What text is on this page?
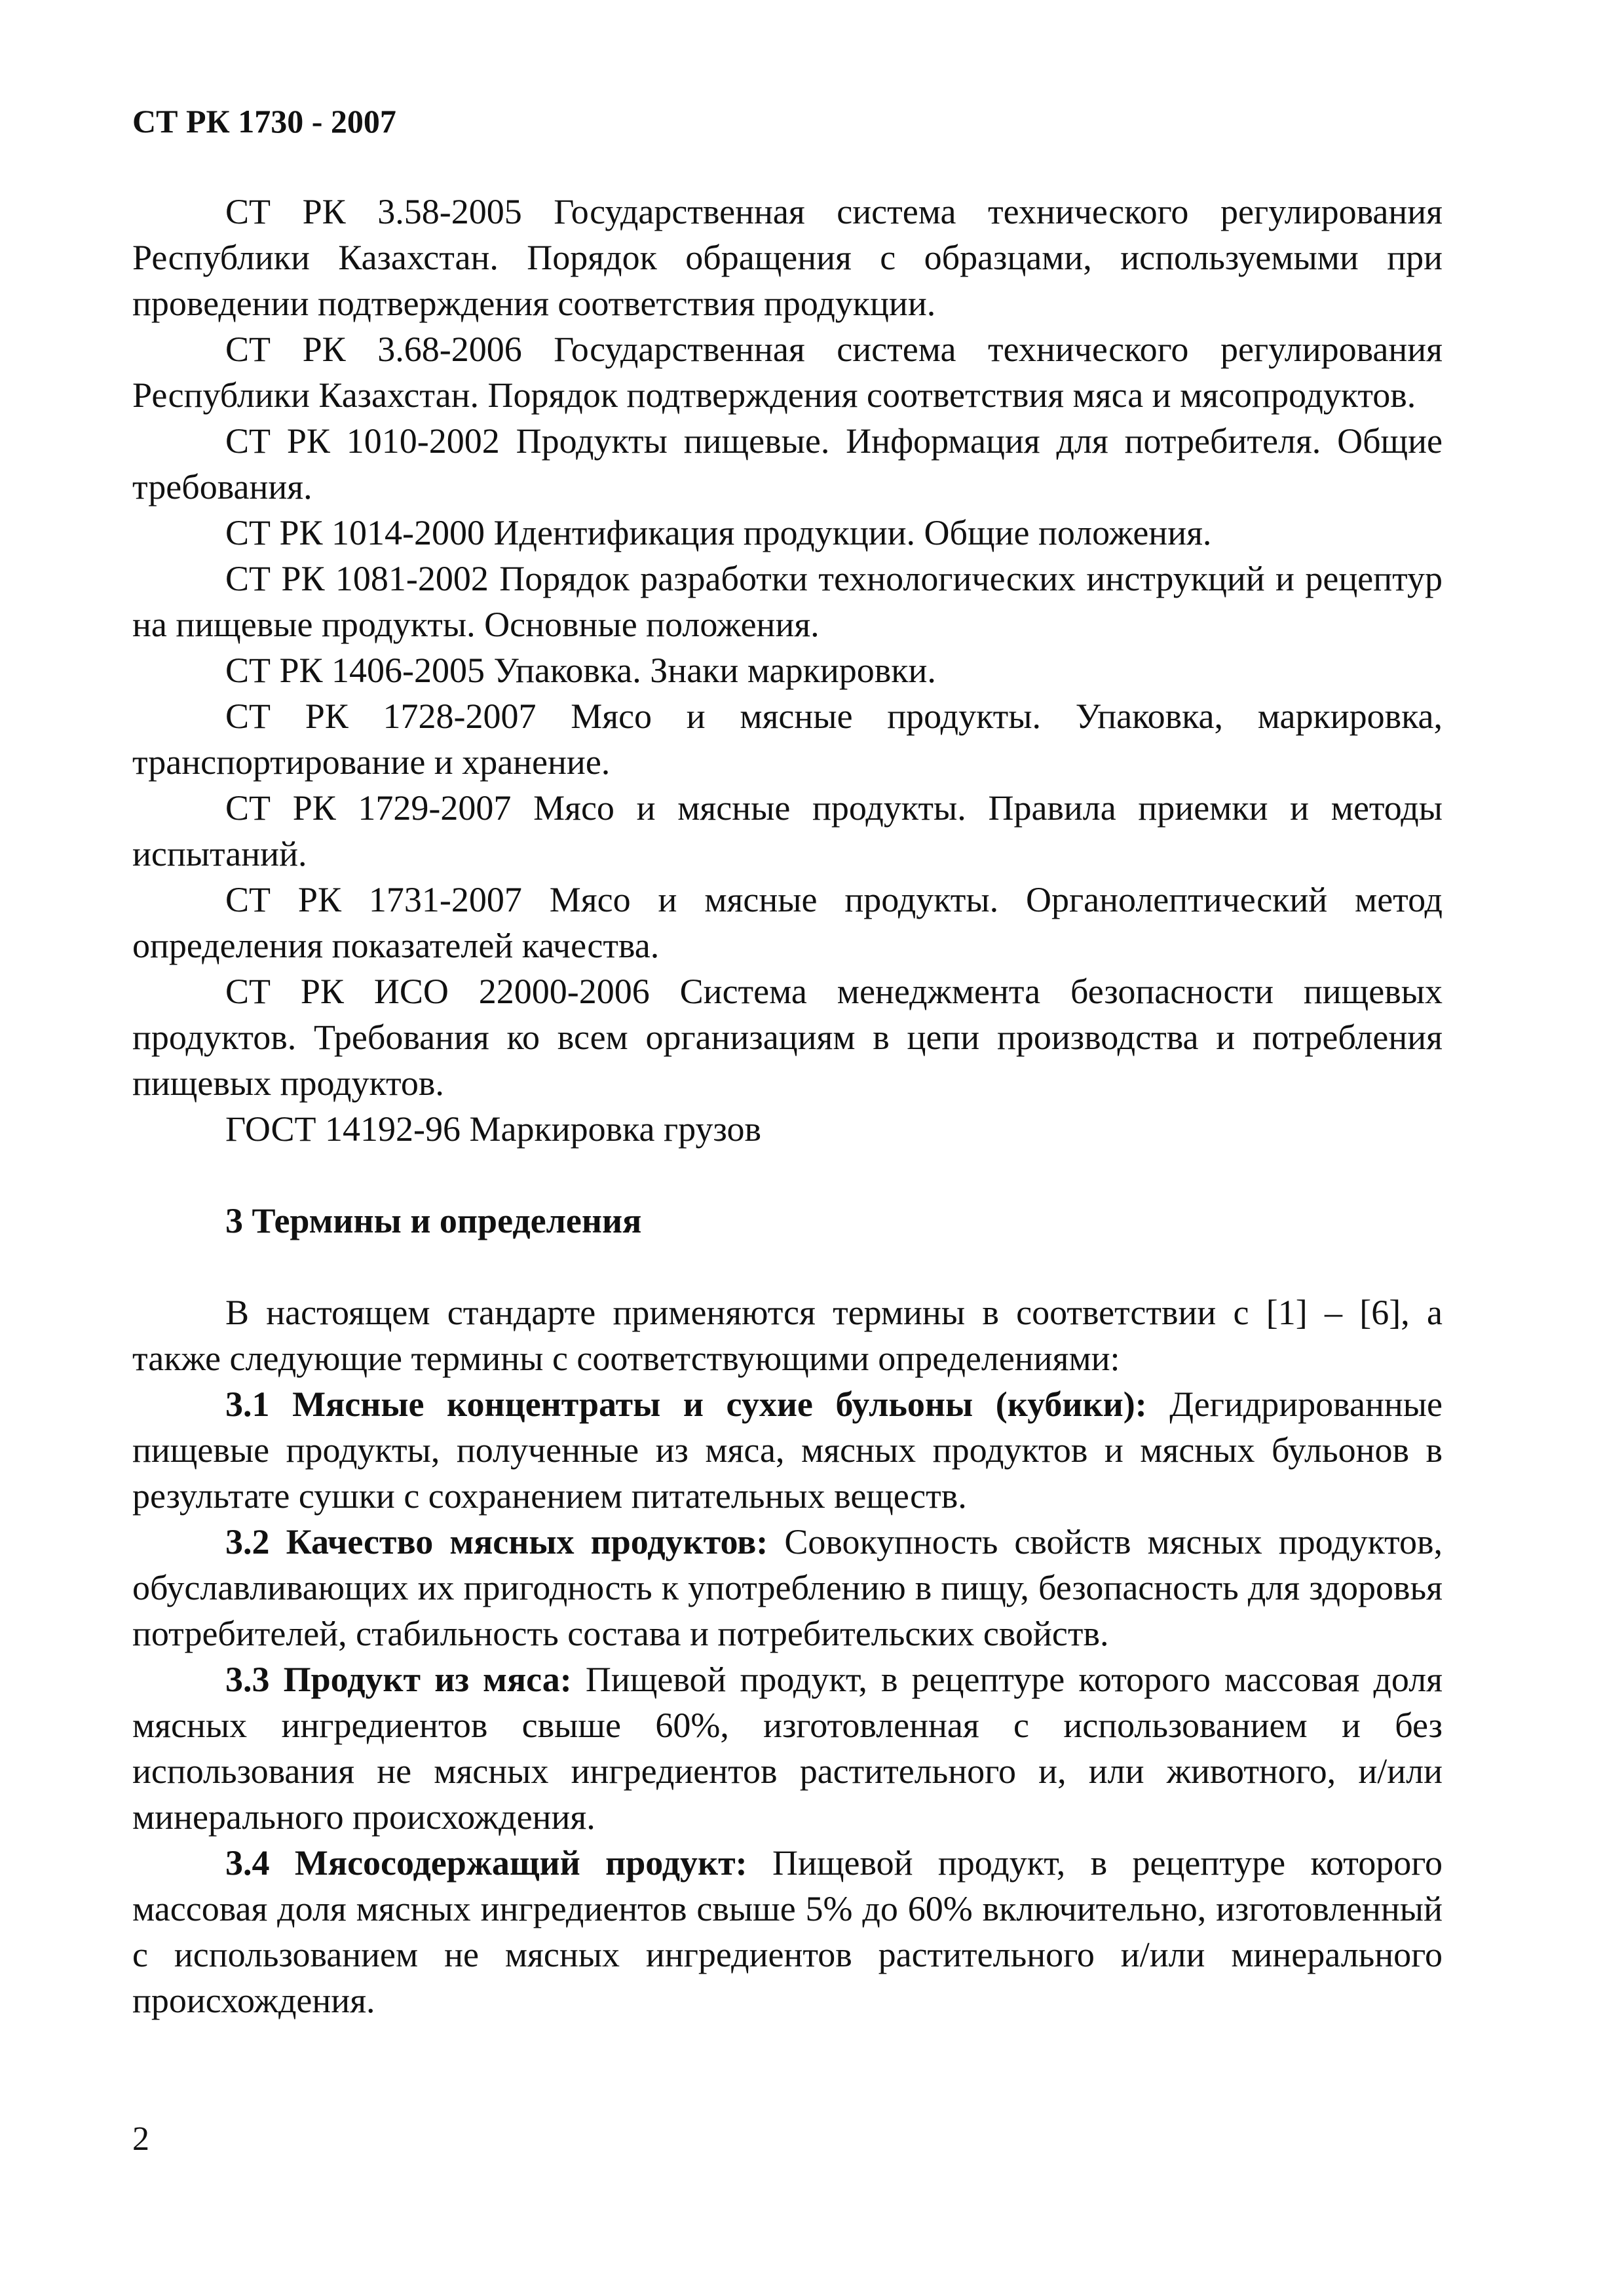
СТ РК 1730 - 2007

СТ РК 3.58-2005 Государственная система технического регулирования Республики Казахстан. Порядок обращения с образцами, используемыми при проведении подтверждения соответствия продукции.

СТ РК 3.68-2006 Государственная система технического регулирования Республики Казахстан. Порядок подтверждения соответствия мяса и мясопродуктов.

СТ РК 1010-2002 Продукты пищевые. Информация для потребителя. Общие требования.

СТ РК 1014-2000 Идентификация продукции. Общие положения.

СТ РК 1081-2002 Порядок разработки технологических инструкций и рецептур на пищевые продукты. Основные положения.

СТ РК 1406-2005 Упаковка. Знаки маркировки.

СТ РК 1728-2007 Мясо и мясные продукты. Упаковка, маркировка, транспортирование и хранение.

СТ РК 1729-2007 Мясо и мясные продукты. Правила приемки и методы испытаний.

СТ РК 1731-2007 Мясо и мясные продукты. Органолептический метод определения показателей качества.

СТ РК ИСО 22000-2006 Система менеджмента безопасности пищевых продуктов. Требования ко всем организациям в цепи производства и потребления пищевых продуктов.

ГОСТ 14192-96 Маркировка грузов

3 Термины и определения

В настоящем стандарте применяются термины в соответствии с [1] – [6], а также следующие термины с соответствующими определениями:

3.1 Мясные концентраты и сухие бульоны (кубики): Дегидрированные пищевые продукты, полученные из мяса, мясных продуктов и мясных бульонов в результате сушки с сохранением питательных веществ.

3.2 Качество мясных продуктов: Совокупность свойств мясных продуктов, обуславливающих их пригодность к употреблению в пищу, безопасность для здоровья потребителей, стабильность состава и потребительских свойств.

3.3 Продукт из мяса: Пищевой продукт, в рецептуре которого массовая доля мясных ингредиентов свыше 60%, изготовленная с использованием и без использования не мясных ингредиентов растительного и, или животного, и/или минерального происхождения.

3.4 Мясосодержащий продукт: Пищевой продукт, в рецептуре которого массовая доля мясных ингредиентов свыше 5% до 60% включительно, изготовленный с использованием не мясных ингредиентов растительного и/или минерального происхождения.

2
